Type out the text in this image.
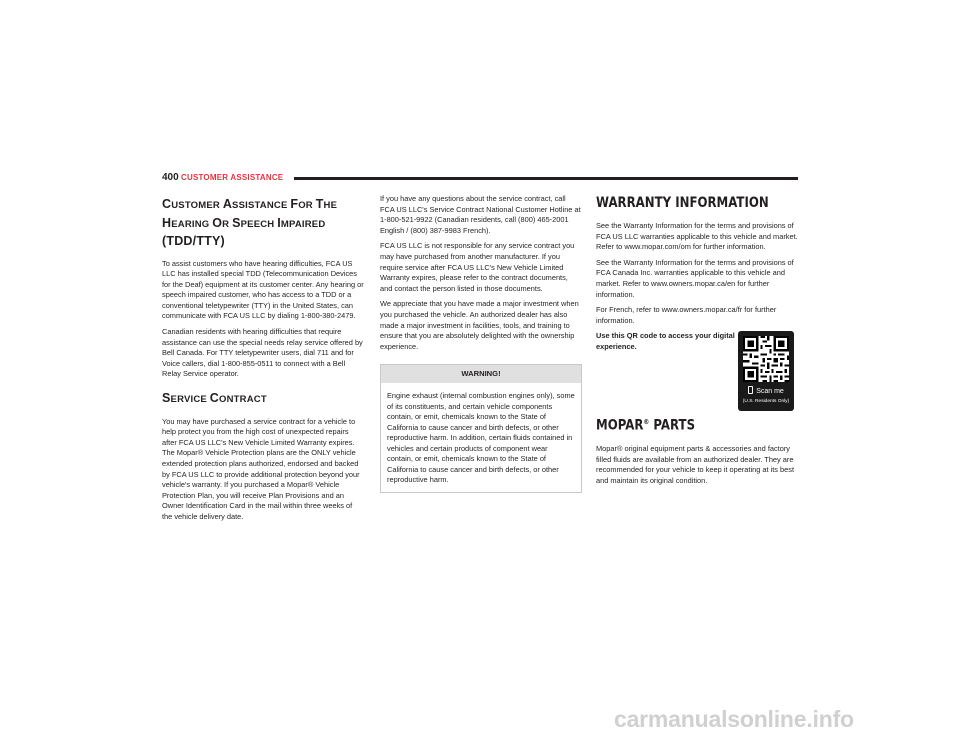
400 CUSTOMER ASSISTANCE
CUSTOMER ASSISTANCE FOR THE
HEARING OR SPEECH IMPAIRED
(TDD/TTY)

To assist customers who have hearing difficulties, FCA US LLC has installed special TDD (Telecommunication Devices for the Deaf) equipment at its customer center. Any hearing or speech impaired customer, who has access to a TDD or a conventional teletypewriter (TTY) in the United States, can communicate with FCA US LLC by dialing 1-800-380-2479.

Canadian residents with hearing difficulties that require assistance can use the special needs relay service offered by Bell Canada. For TTY teletypewriter users, dial 711 and for Voice callers, dial 1-800-855-0511 to connect with a Bell Relay Service operator.

SERVICE CONTRACT

You may have purchased a service contract for a vehicle to help protect you from the high cost of unexpected repairs after FCA US LLC's New Vehicle Limited Warranty expires. The Mopar® Vehicle Protection plans are the ONLY vehicle extended protection plans authorized, endorsed and backed by FCA US LLC to provide additional protection beyond your vehicle's warranty. If you purchased a Mopar® Vehicle Protection Plan, you will receive Plan Provisions and an Owner Identification Card in the mail within three weeks of the vehicle delivery date.

If you have any questions about the service contract, call FCA US LLC's Service Contract National Customer Hotline at 1-800-521-9922 (Canadian residents, call (800) 465-2001 English / (800) 387-9983 French).

FCA US LLC is not responsible for any service contract you may have purchased from another manufacturer. If you require service after FCA US LLC's New Vehicle Limited Warranty expires, please refer to the contract documents, and contact the person listed in those documents.

We appreciate that you have made a major investment when you purchased the vehicle. An authorized dealer has also made a major investment in facilities, tools, and training to ensure that you are absolutely delighted with the ownership experience.

WARNING!
Engine exhaust (internal combustion engines only), some of its constituents, and certain vehicle components contain, or emit, chemicals known to the State of California to cause cancer and birth defects, or other reproductive harm. In addition, certain fluids contained in vehicles and certain products of component wear contain, or emit, chemicals known to the State of California to cause cancer and birth defects, or other reproductive harm.
WARRANTY INFORMATION

See the Warranty Information for the terms and provisions of FCA US LLC warranties applicable to this vehicle and market. Refer to www.mopar.com/om for further information.

See the Warranty Information for the terms and provisions of FCA Canada Inc. warranties applicable to this vehicle and market. Refer to www.owners.mopar.ca/en for further information.

For French, refer to www.owners.mopar.ca/fr for further information.

Use this QR code to access your digital experience.
Scan me
(U.S. Residents Only)
MOPAR® PARTS

Mopar® original equipment parts & accessories and factory filled fluids are available from an authorized dealer. They are recommended for your vehicle to keep it operating at its best and maintain its original condition.

carmanualsonline.info
